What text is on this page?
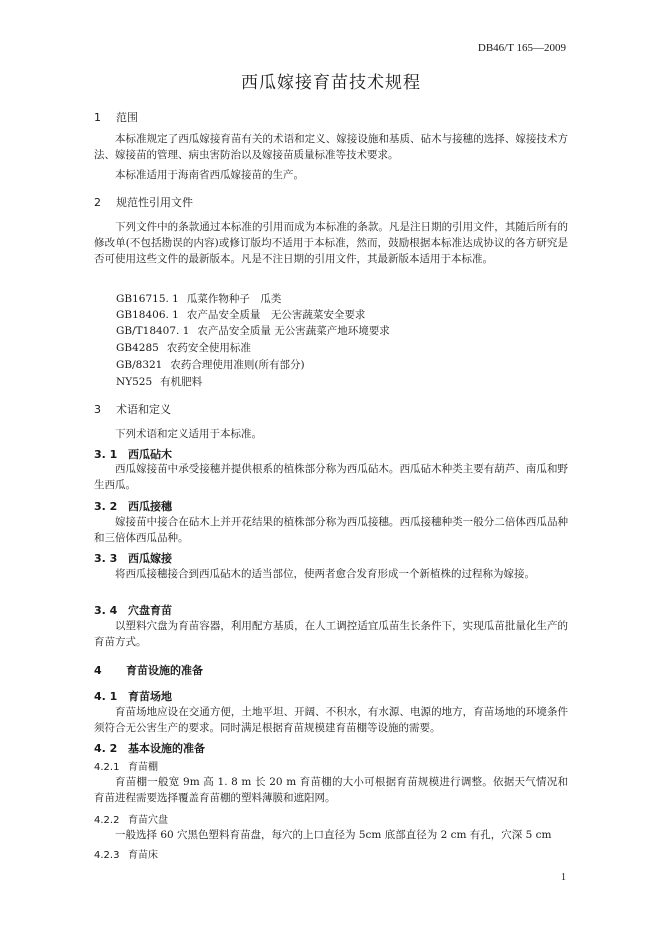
DB46/T 165—2009
西瓜嫁接育苗技术规程
1 范围
本标准规定了西瓜嫁接育苗有关的术语和定义、嫁接设施和基质、砧木与接穗的选择、嫁接技术方法、嫁接苗的管理、病虫害防治以及嫁接苗质量标准等技术要求。
本标准适用于海南省西瓜嫁接苗的生产。
2 规范性引用文件
下列文件中的条款通过本标准的引用而成为本标准的条款。凡是注日期的引用文件，其随后所有的修改单(不包括勘误的内容)或修订版均不适用于本标准，然而，鼓励根据本标准达成协议的各方研究是否可使用这些文件的最新版本。凡是不注日期的引用文件，其最新版本适用于本标准。
GB16715. 1 瓜菜作物种子　瓜类
GB18406. 1 农产品安全质量　无公害蔬菜安全要求
GB/T18407. 1 农产品安全质量 无公害蔬菜产地环境要求
GB4285 农药安全使用标准
GB/8321 农药合理使用准则(所有部分)
NY525 有机肥料
3 术语和定义
下列术语和定义适用于本标准。
3. 1 西瓜砧木
西瓜嫁接苗中承受接穗并提供根系的植株部分称为西瓜砧木。西瓜砧木种类主要有葫芦、南瓜和野生西瓜。
3. 2 西瓜接穗
嫁接苗中接合在砧木上并开花结果的植株部分称为西瓜接穗。西瓜接穗种类一般分二倍体西瓜品种和三倍体西瓜品种。
3. 3 西瓜嫁接
将西瓜接穗接合到西瓜砧木的适当部位，使两者愈合发育形成一个新植株的过程称为嫁接。
3. 4 穴盘育苗
以塑料穴盘为育苗容器，利用配方基质，在人工调控适宜瓜苗生长条件下，实现瓜苗批量化生产的育苗方式。
4 育苗设施的准备
4. 1 育苗场地
育苗场地应设在交通方便，土地平坦、开阔、不积水，有水源、电源的地方，育苗场地的环境条件须符合无公害生产的要求。同时满足根据育苗规模建育苗棚等设施的需要。
4. 2 基本设施的准备
4.2.1 育苗棚
育苗棚一般宽 9m 高 1. 8 m 长 20 m 育苗棚的大小可根据育苗规模进行调整。依据天气情况和育苗进程需要选择覆盖育苗棚的塑料薄膜和遮阳网。
4.2.2 育苗穴盘
一般选择 60 穴黑色塑料育苗盘，每穴的上口直径为 5cm 底部直径为 2 cm 有孔，穴深 5 cm
4.2.3 育苗床
1
